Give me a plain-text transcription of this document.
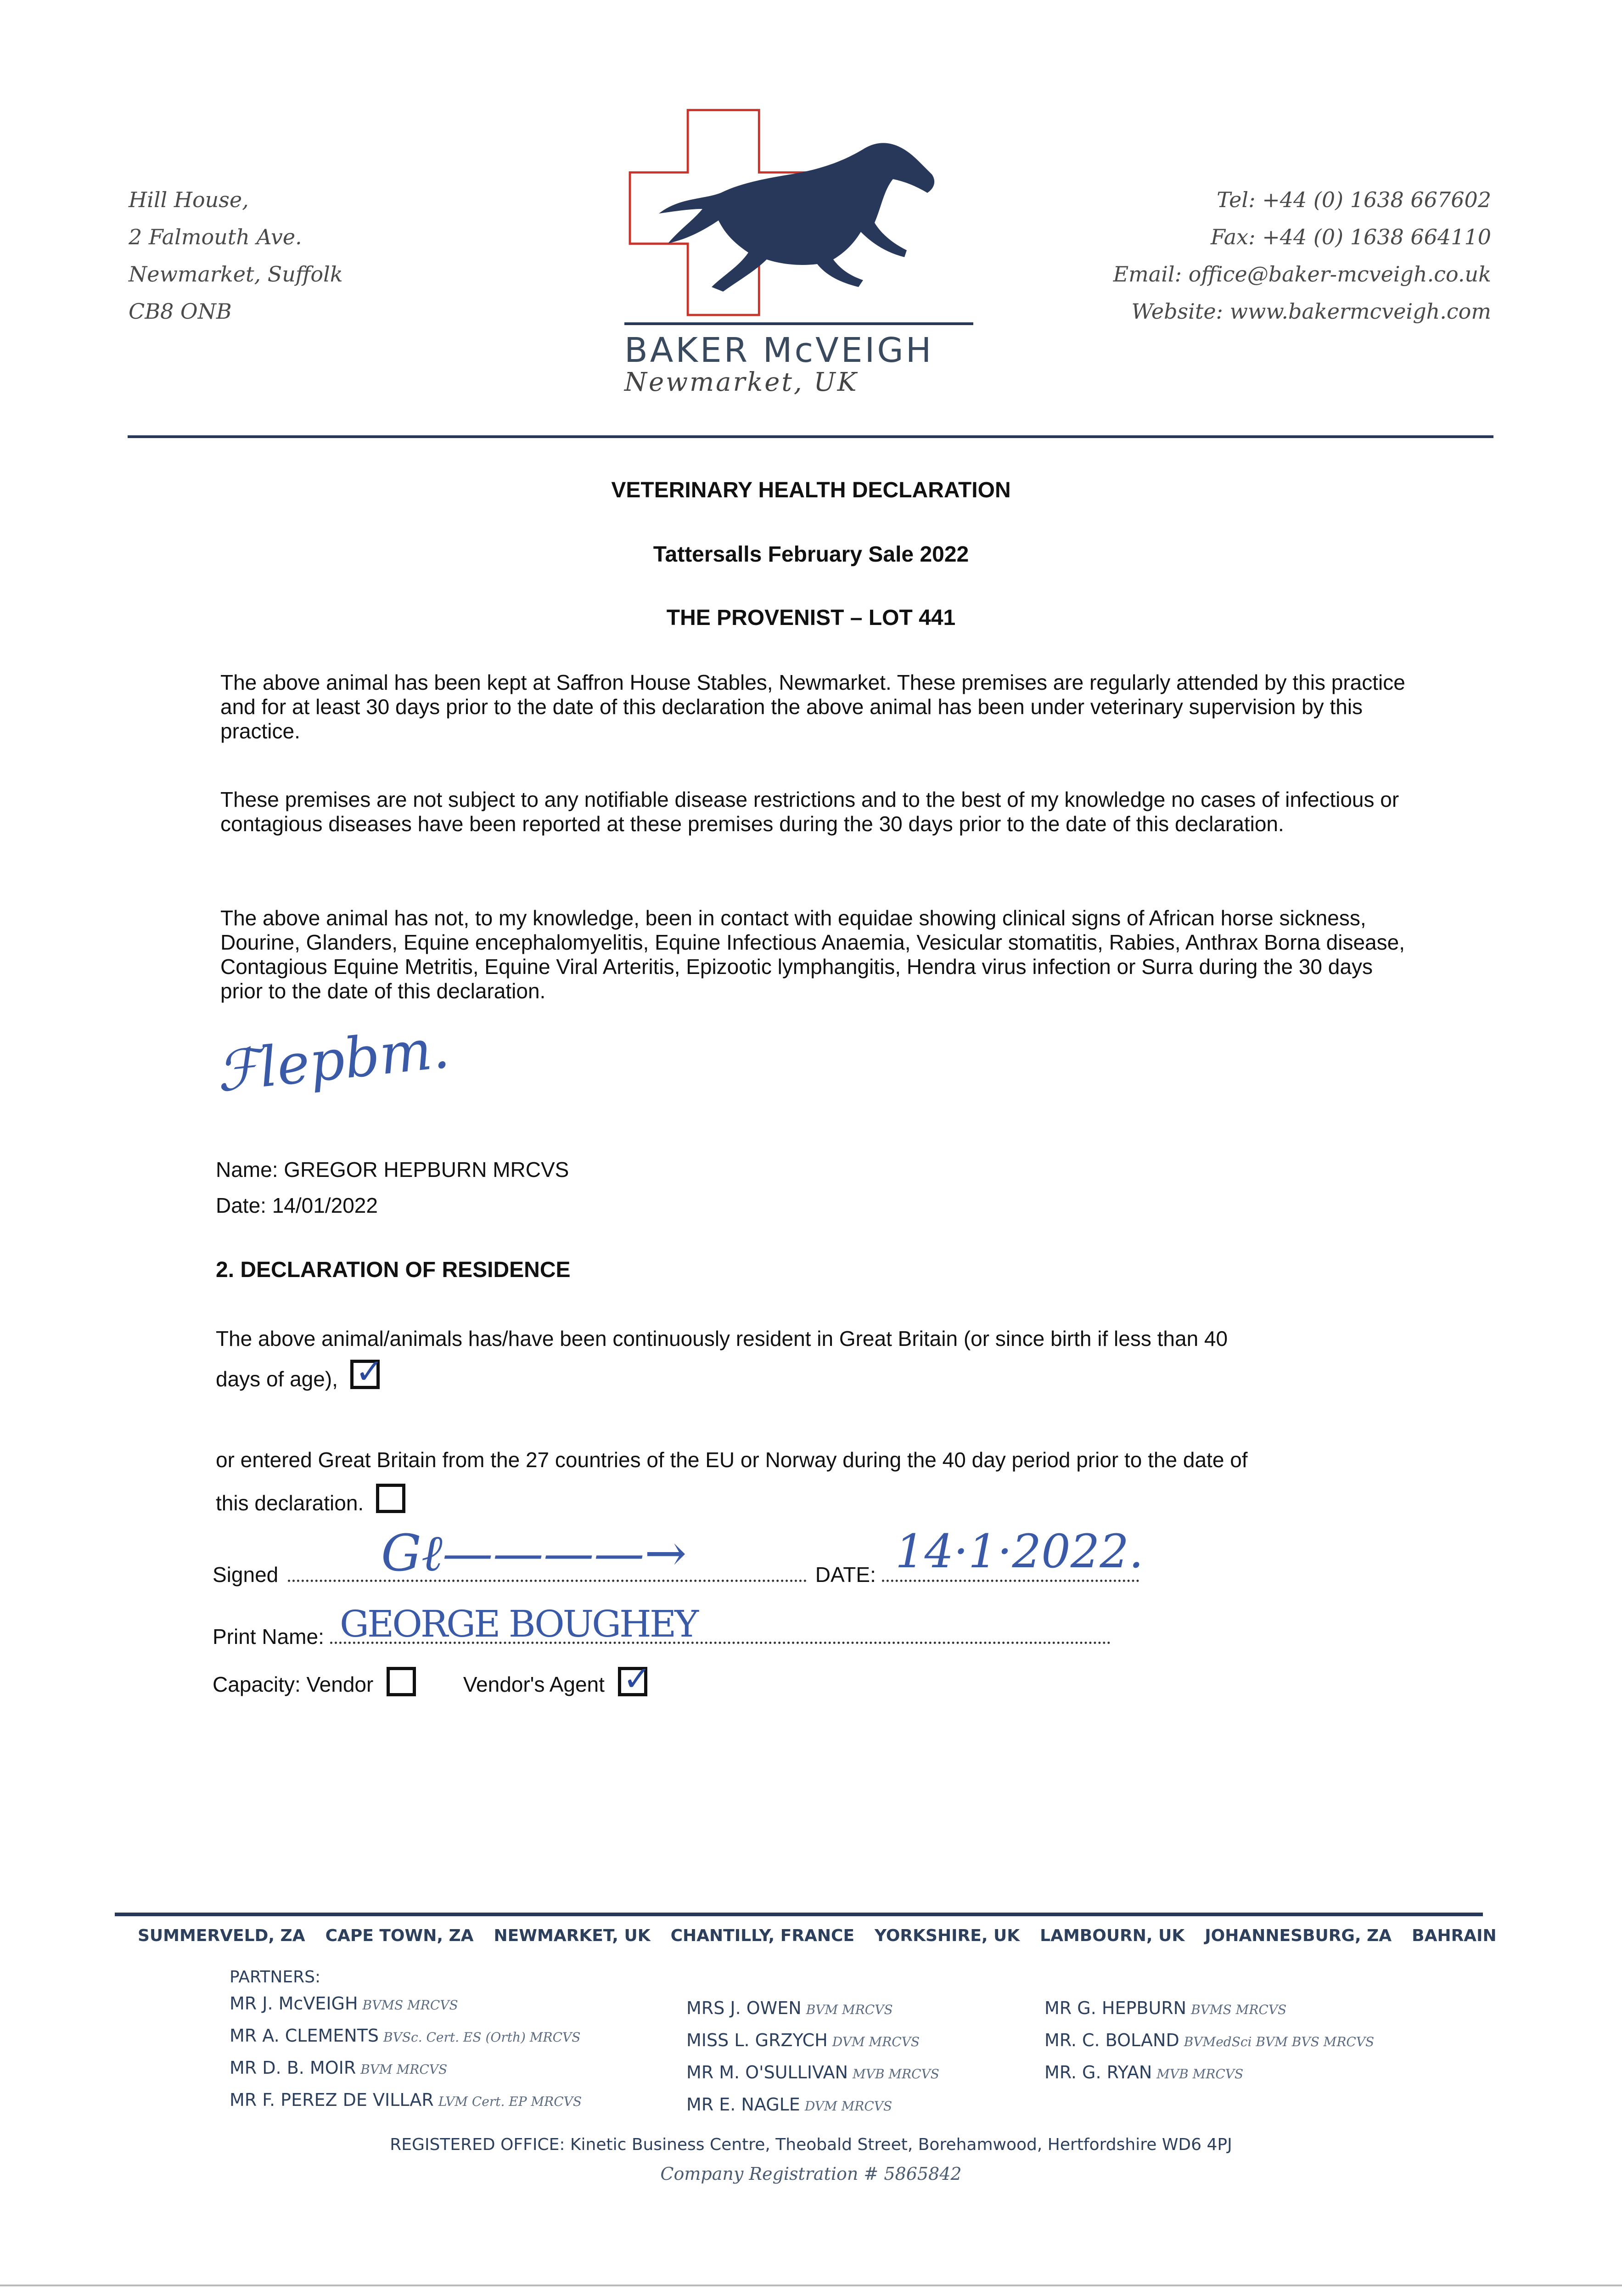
Hill House,
2 Falmouth Ave.
Newmarket, Suffolk
CB8 ONB
BAKER McVEIGH
Newmarket, UK
Tel: +44 (0) 1638 667602
Fax: +44 (0) 1638 664110
Email: office@baker-mcveigh.co.uk
Website: www.bakermcveigh.com
VETERINARY HEALTH DECLARATION
Tattersalls February Sale 2022
THE PROVENIST – LOT 441
The above animal has been kept at Saffron House Stables, Newmarket. These premises are regularly attended by this practice and for at least 30 days prior to the date of this declaration the above animal has been under veterinary supervision by this practice.
These premises are not subject to any notifiable disease restrictions and to the best of my knowledge no cases of infectious or contagious diseases have been reported at these premises during the 30 days prior to the date of this declaration.
The above animal has not, to my knowledge, been in contact with equidae showing clinical signs of African horse sickness, Dourine, Glanders, Equine encephalomyelitis, Equine Infectious Anaemia, Vesicular stomatitis, Rabies, Anthrax Borna disease, Contagious Equine Metritis, Equine Viral Arteritis, Epizootic lymphangitis, Hendra virus infection or Surra during the 30 days prior to the date of this declaration.
ℱlepbm.
Name: GREGOR HEPBURN MRCVS
Date: 14/01/2022
2. DECLARATION OF RESIDENCE
The above animal/animals has/have been continuously resident in Great Britain (or since birth if less than 40
days of age), ✓
or entered Great Britain from the 27 countries of the EU or Norway during the 40 day period prior to the date of
this declaration.
Signed	DATE:
Gℓ————→	14·1·2022.
Print Name: GEORGE BOUGHEY
Capacity: Vendor	Vendor's Agent ✓
SUMMERVELD, ZA CAPE TOWN, ZA NEWMARKET, UK CHANTILLY, FRANCE YORKSHIRE, UK LAMBOURN, UK JOHANNESBURG, ZA BAHRAIN
PARTNERS:
MR J. McVEIGH BVMS MRCVS
MR A. CLEMENTS BVSc. Cert. ES (Orth) MRCVS
MR D. B. MOIR BVM MRCVS
MR F. PEREZ DE VILLAR LVM Cert. EP MRCVS
MRS J. OWEN BVM MRCVS
MISS L. GRZYCH DVM MRCVS
MR M. O'SULLIVAN MVB MRCVS
MR E. NAGLE DVM MRCVS
MR G. HEPBURN BVMS MRCVS
MR. C. BOLAND BVMedSci BVM BVS MRCVS
MR. G. RYAN MVB MRCVS
REGISTERED OFFICE: Kinetic Business Centre, Theobald Street, Borehamwood, Hertfordshire WD6 4PJ
Company Registration # 5865842
